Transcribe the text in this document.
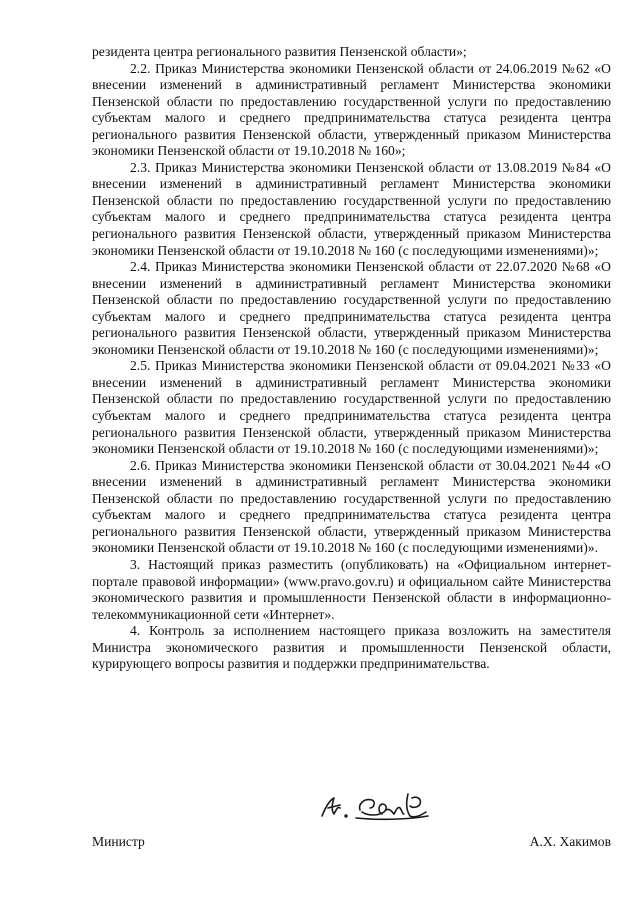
резидента центра регионального развития Пензенской области»;

2.2. Приказ Министерства экономики Пензенской области от 24.06.2019 №62 «О внесении изменений в административный регламент Министерства экономики Пензенской области по предоставлению государственной услуги по предоставлению субъектам малого и среднего предпринимательства статуса резидента центра регионального развития Пензенской области, утвержденный приказом Министерства экономики Пензенской области от 19.10.2018 № 160»;

2.3. Приказ Министерства экономики Пензенской области от 13.08.2019 №84 «О внесении изменений в административный регламент Министерства экономики Пензенской области по предоставлению государственной услуги по предоставлению субъектам малого и среднего предпринимательства статуса резидента центра регионального развития Пензенской области, утвержденный приказом Министерства экономики Пензенской области от 19.10.2018 № 160 (с последующими изменениями)»;

2.4. Приказ Министерства экономики Пензенской области от 22.07.2020 №68 «О внесении изменений в административный регламент Министерства экономики Пензенской области по предоставлению государственной услуги по предоставлению субъектам малого и среднего предпринимательства статуса резидента центра регионального развития Пензенской области, утвержденный приказом Министерства экономики Пензенской области от 19.10.2018 № 160 (с последующими изменениями)»;

2.5. Приказ Министерства экономики Пензенской области от 09.04.2021 №33 «О внесении изменений в административный регламент Министерства экономики Пензенской области по предоставлению государственной услуги по предоставлению субъектам малого и среднего предпринимательства статуса резидента центра регионального развития Пензенской области, утвержденный приказом Министерства экономики Пензенской области от 19.10.2018 № 160 (с последующими изменениями)»;

2.6. Приказ Министерства экономики Пензенской области от 30.04.2021 №44 «О внесении изменений в административный регламент Министерства экономики Пензенской области по предоставлению государственной услуги по предоставлению субъектам малого и среднего предпринимательства статуса резидента центра регионального развития Пензенской области, утвержденный приказом Министерства экономики Пензенской области от 19.10.2018 № 160 (с последующими изменениями)».

3. Настоящий приказ разместить (опубликовать) на «Официальном интернет-портале правовой информации» (www.pravo.gov.ru) и официальном сайте Министерства экономического развития и промышленности Пензенской области в информационно-телекоммуникационной сети «Интернет».

4. Контроль за исполнением настоящего приказа возложить на заместителя Министра экономического развития и промышленности Пензенской области, курирующего вопросы развития и поддержки предпринимательства.

Министр	А.Х. Хакимов
